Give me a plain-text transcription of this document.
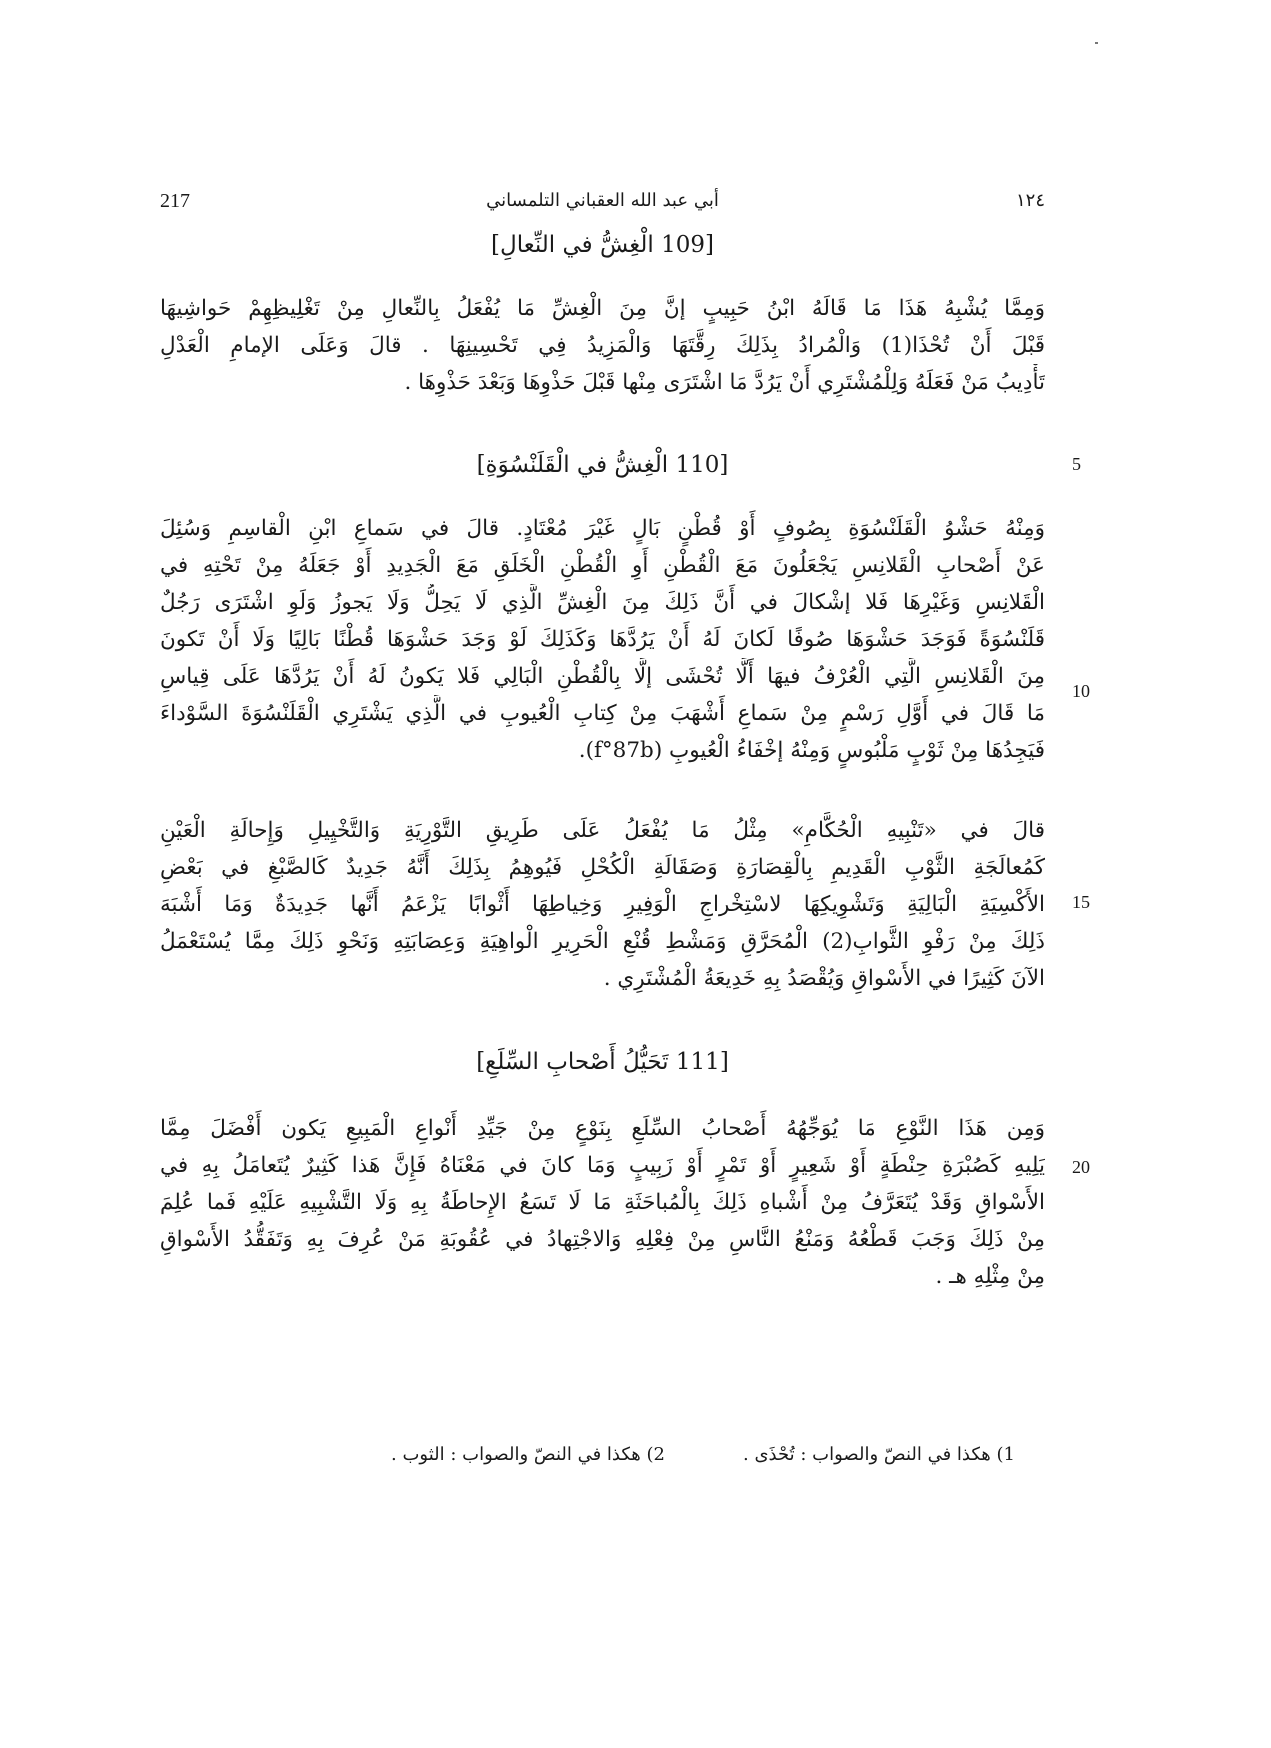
217	أبي عبد الله العقباني التلمساني	١٢٤
[109 الْغِشُّ في النِّعالِ]
وَمِمَّا يُشْبِهُ هَذَا مَا قَالَهُ ابْنُ حَبِيبٍ إنَّ مِنَ الْغِشِّ مَا يُفْعَلُ بِالنِّعالِ مِنْ تَغْلِيظِهِمْ حَواشِيهَا
قَبْلَ أَنْ تُحْذَا(1) وَالْمُرادُ بِذَلِكَ رِقَّتَهَا وَالْمَزِيدُ فِي تَحْسِينِهَا . قالَ وَعَلَى الإمامِ الْعَدْلِ
تَأْدِيبُ مَنْ فَعَلَهُ وَلِلْمُشْتَرِي أَنْ يَرُدَّ مَا اشْتَرَى مِنْها قَبْلَ حَذْوِهَا وَبَعْدَ حَذْوِهَا .
[110 الْغِشُّ في الْقَلَنْسُوَةِ]
وَمِنْهُ حَشْوُ الْقَلَنْسُوَةِ بِصُوفٍ أَوْ قُطْنٍ بَالٍ غَيْرَ مُعْتَادٍ. قالَ في سَماعِ ابْنِ الْقاسِمِ وَسُئِلَ
عَنْ أَصْحابِ الْقَلانِسِ يَجْعَلُونَ مَعَ الْقُطْنِ أَوِ الْقُطْنِ الْخَلَقِ مَعَ الْجَدِيدِ أَوْ جَعَلَهُ مِنْ تَحْتِهِ في
الْقَلانِسِ وَغَيْرِهَا فَلا إشْكالَ في أَنَّ ذَلِكَ مِنَ الْغِشِّ الَّذِي لَا يَحِلُّ وَلَا يَجوزُ وَلَوِ اشْتَرَى رَجُلٌ
قَلَنْسُوَةً فَوَجَدَ حَشْوَهَا صُوفًا لَكانَ لَهُ أَنْ يَرُدَّهَا وَكَذَلِكَ لَوْ وَجَدَ حَشْوَهَا قُطْنًا بَالِيًا وَلَا أَنْ تَكونَ
مِنَ الْقَلانِسِ الَّتِي الْعُرْفُ فيهَا أَلَّا تُحْشَى إلَّا بِالْقُطْنِ الْبَالِي فَلا يَكونُ لَهُ أَنْ يَرُدَّهَا عَلَى قِياسِ
مَا قَالَ في أَوَّلِ رَسْمٍ مِنْ سَماعِ أَشْهَبَ مِنْ كِتابِ الْعُيوبِ في الَّذِي يَشْتَرِي الْقَلَنْسُوَةَ السَّوْداءَ
فَيَجِدُهَا مِنْ ثَوْبٍ مَلْبُوسٍ وَمِنْهُ إخْفَاءُ الْعُيوبِ (f°87b).
قالَ في «تَنْبِيهِ الْحُكَّامِ» مِثْلُ مَا يُفْعَلُ عَلَى طَرِيقِ التَّوْرِيَةِ وَالتَّخْيِيلِ وَإِحالَةِ الْعَيْنِ
كَمُعالَجَةِ الثَّوْبِ الْقَدِيمِ بِالْقِصَارَةِ وَصَقَالَةِ الْكُحْلِ فَيُوهِمُ بِذَلِكَ أَنَّهُ جَدِيدٌ كَالصَّبْغِ في بَعْضِ
الأَكْسِيَةِ الْبَالِيَةِ وَتَشْوِيكِهَا لاسْتِخْراجِ الْوَفِيرِ وَخِياطِهَا أَثْوابًا يَزْعَمُ أَنَّها جَدِيدَةٌ وَمَا أَشْبَهَ
ذَلِكَ مِنْ رَفْوِ الثَّوابِ(2) الْمُحَرَّقِ وَمَشْطِ قُنْعِ الْحَرِيرِ الْواهِيَةِ وَعِصَابَتِهِ وَنَحْوِ ذَلِكَ مِمَّا يُسْتَعْمَلُ
الآنَ كَثِيرًا في الأَسْواقِ وَيُقْصَدُ بِهِ خَدِيعَةُ الْمُشْتَرِي .
[111 تَحَيُّلُ أَصْحابِ السِّلَعِ]
وَمِن هَذَا النَّوْعِ مَا يُوَجِّهُهُ أَصْحابُ السِّلَعِ بِنَوْعٍ مِنْ جَيِّدِ أَنْواعِ الْمَبِيعِ يَكون أَفْضَلَ مِمَّا
يَلِيهِ كَصُبْرَةِ حِنْطَةٍ أَوْ شَعِيرٍ أَوْ تَمْرٍ أَوْ زَبِيبٍ وَمَا كانَ في مَعْنَاهُ فَإِنَّ هَذا كَثِيرٌ يُتَعامَلُ بِهِ في
الأَسْواقِ وَقَدْ يُتَعَرَّفُ مِنْ أَشْباهِ ذَلِكَ بِالْمُباحَثَةِ مَا لَا تَسَعُ الإِحاطَةُ بِهِ وَلَا التَّشْبِيهِ عَلَيْهِ فَما عُلِمَ
مِنْ ذَلِكَ وَجَبَ قَطْعُهُ وَمَنْعُ النَّاسِ مِنْ فِعْلِهِ وَالاجْتِهادُ في عُقُوبَةِ مَنْ عُرِفَ بِهِ وَتَفَقُّدُ الأَسْواقِ
مِنْ مِثْلِهِ هـ .
5
10
15
20
1) هكذا في النصّ والصواب : تُحْذَى .
2) هكذا في النصّ والصواب : الثوب .
